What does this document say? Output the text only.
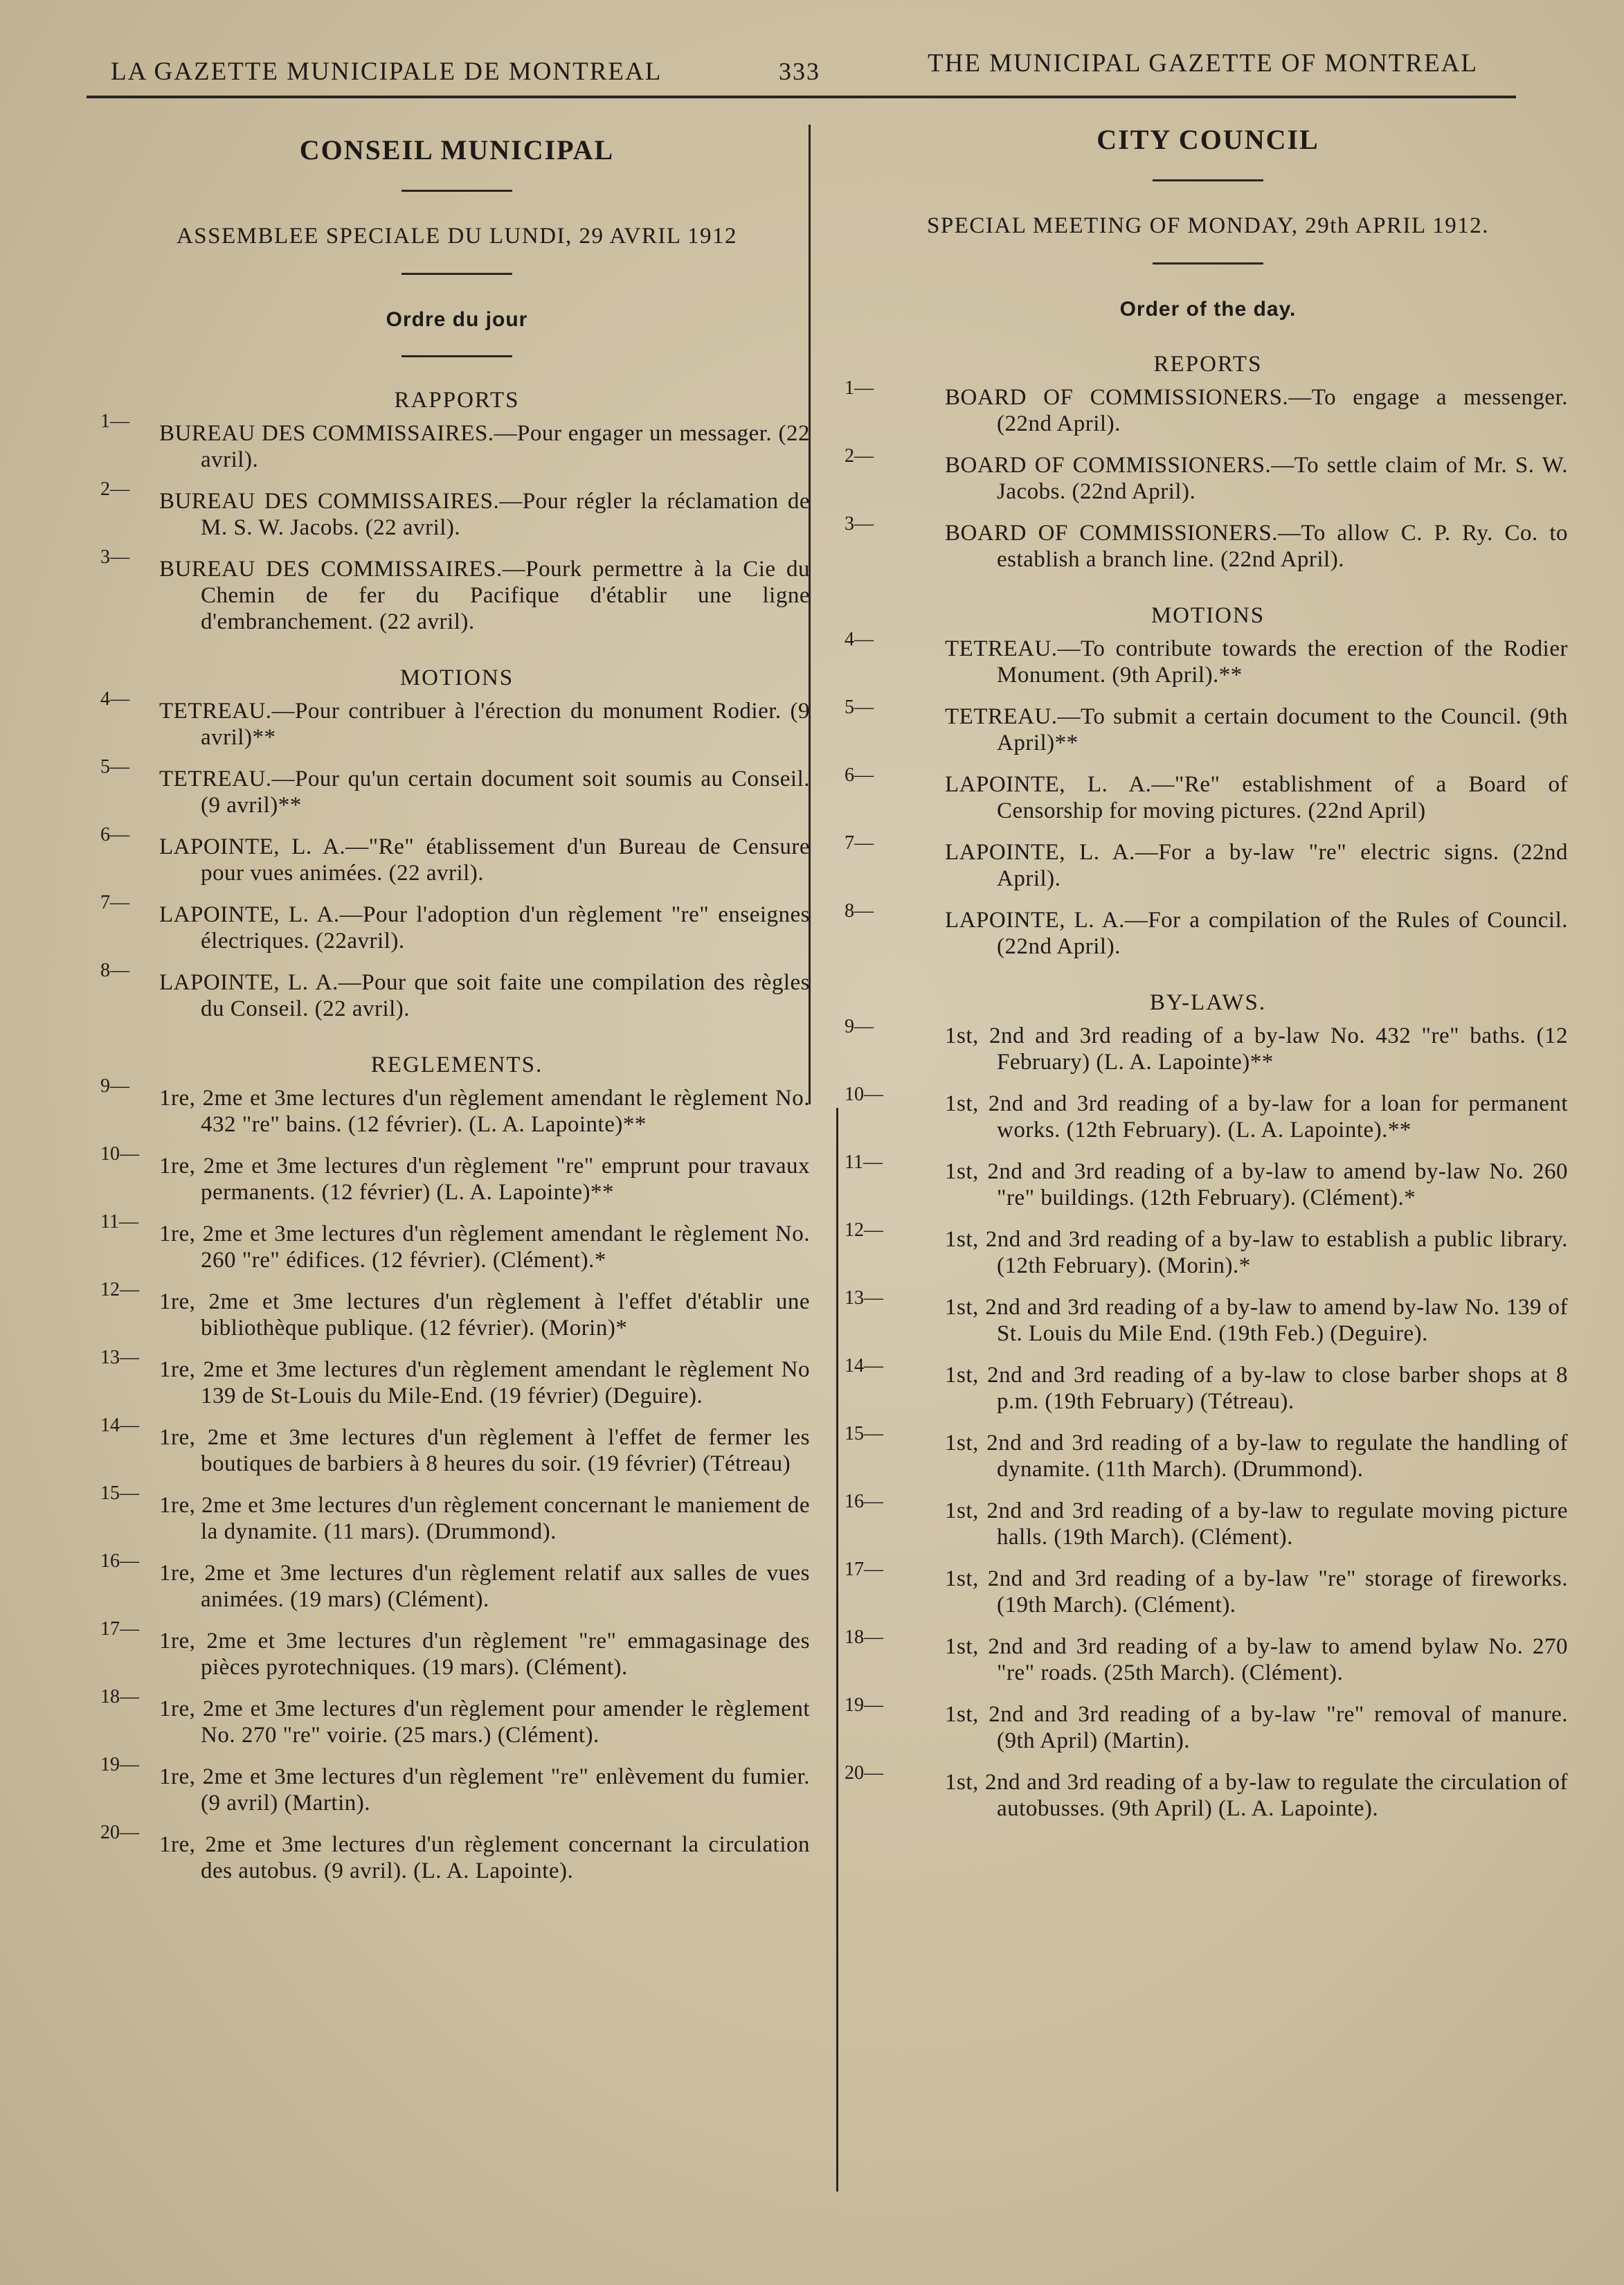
LA GAZETTE MUNICIPALE DE MONTREAL	333	THE MUNICIPAL GAZETTE OF MONTREAL
CONSEIL MUNICIPAL
ASSEMBLEE SPECIALE DU LUNDI, 29 AVRIL 1912
Ordre du jour
RAPPORTS
1—	BUREAU DES COMMISSAIRES.—Pour engager un messager. (22 avril).
2—	BUREAU DES COMMISSAIRES.—Pour régler la réclamation de M. S. W. Jacobs. (22 avril).
3—	BUREAU DES COMMISSAIRES.—Pourk permettre à la Cie du Chemin de fer du Pacifique d'établir une ligne d'embranchement. (22 avril).
MOTIONS
4—	TETREAU.—Pour contribuer à l'érection du monument Rodier. (9 avril)**
5—	TETREAU.—Pour qu'un certain document soit soumis au Conseil. (9 avril)**
6—	LAPOINTE, L. A.—"Re" établissement d'un Bureau de Censure pour vues animées. (22 avril).
7—	LAPOINTE, L. A.—Pour l'adoption d'un règlement "re" enseignes électriques. (22avril).
8—	LAPOINTE, L. A.—Pour que soit faite une compilation des règles du Conseil. (22 avril).
REGLEMENTS.
9—	1re, 2me et 3me lectures d'un règlement amendant le règlement No. 432 "re" bains. (12 février). (L. A. Lapointe)**
10— 1re, 2me et 3me lectures d'un règlement "re" emprunt pour travaux permanents. (12 février) (L. A. Lapointe)**
11— 1re, 2me et 3me lectures d'un règlement amendant le règlement No. 260 "re" édifices. (12 février). (Clément).*
12— 1re, 2me et 3me lectures d'un règlement à l'effet d'établir une bibliothèque publique. (12 février). (Morin)*
13— 1re, 2me et 3me lectures d'un règlement amendant le règlement No 139 de St-Louis du Mile-End. (19 février) (Deguire).
14— 1re, 2me et 3me lectures d'un règlement à l'effet de fermer les boutiques de barbiers à 8 heures du soir. (19 février) (Tétreau)
15— 1re, 2me et 3me lectures d'un règlement concernant le maniement de la dynamite. (11 mars). (Drummond).
16— 1re, 2me et 3me lectures d'un règlement relatif aux salles de vues animées. (19 mars) (Clément).
17— 1re, 2me et 3me lectures d'un règlement "re" emmagasinage des pièces pyrotechniques. (19 mars). (Clément).
18— 1re, 2me et 3me lectures d'un règlement pour amender le règlement No. 270 "re" voirie. (25 mars.) (Clément).
19— 1re, 2me et 3me lectures d'un règlement "re" enlèvement du fumier. (9 avril) (Martin).
20— 1re, 2me et 3me lectures d'un règlement concernant la circulation des autobus. (9 avril). (L. A. Lapointe).
CITY COUNCIL
SPECIAL MEETING OF MONDAY, 29th APRIL 1912.
Order of the day.
REPORTS
1—	BOARD OF COMMISSIONERS.—To engage a messenger. (22nd April).
2—	BOARD OF COMMISSIONERS.—To settle claim of Mr. S. W. Jacobs. (22nd April).
3—	BOARD OF COMMISSIONERS.—To allow C. P. Ry. Co. to establish a branch line. (22nd April).
MOTIONS
4—	TETREAU.—To contribute towards the erection of the Rodier Monument. (9th April).**
5—	TETREAU.—To submit a certain document to the Council. (9th April)**
6—	LAPOINTE, L. A.—"Re" establishment of a Board of Censorship for moving pictures. (22nd April)
7—	LAPOINTE, L. A.—For a by-law "re" electric signs. (22nd April).
8—	LAPOINTE, L. A.—For a compilation of the Rules of Council. (22nd April).
BY-LAWS.
9—	1st, 2nd and 3rd reading of a by-law No. 432 "re" baths. (12 February) (L. A. Lapointe)**
10—	1st, 2nd and 3rd reading of a by-law for a loan for permanent works. (12th February). (L. A. Lapointe).**
11—	1st, 2nd and 3rd reading of a by-law to amend by-law No. 260 "re" buildings. (12th February). (Clément).*
12—	1st, 2nd and 3rd reading of a by-law to establish a public library. (12th February). (Morin).*
13—	1st, 2nd and 3rd reading of a by-law to amend by-law No. 139 of St. Louis du Mile End. (19th Feb.) (Deguire).
14—	1st, 2nd and 3rd reading of a by-law to close barber shops at 8 p.m. (19th February) (Tétreau).
15—	1st, 2nd and 3rd reading of a by-law to regulate the handling of dynamite. (11th March). (Drummond).
16—	1st, 2nd and 3rd reading of a by-law to regulate moving picture halls. (19th March). (Clément).
17—	1st, 2nd and 3rd reading of a by-law "re" storage of fireworks. (19th March). (Clément).
18—	1st, 2nd and 3rd reading of a by-law to amend bylaw No. 270 "re" roads. (25th March). (Clément).
19—	1st, 2nd and 3rd reading of a by-law "re" removal of manure. (9th April) (Martin).
20—	1st, 2nd and 3rd reading of a by-law to regulate the circulation of autobusses. (9th April) (L. A. Lapointe).
